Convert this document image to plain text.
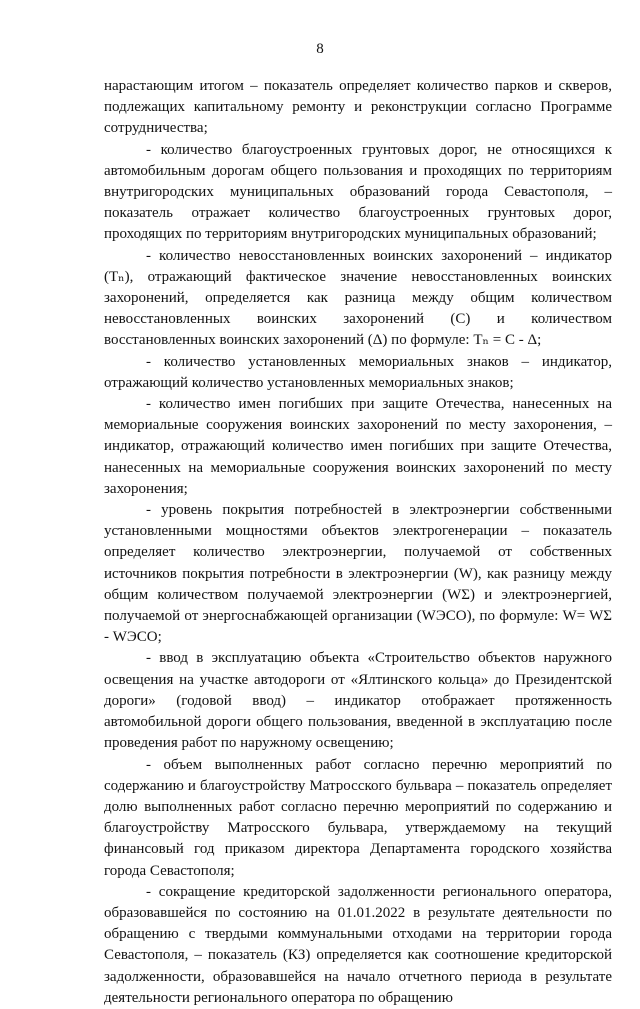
8

нарастающим итогом – показатель определяет количество парков и скверов, подлежащих капитальному ремонту и реконструкции согласно Программе сотрудничества;

- количество благоустроенных грунтовых дорог, не относящихся к автомобильным дорогам общего пользования и проходящих по территориям внутригородских муниципальных образований города Севастополя, – показатель отражает количество благоустроенных грунтовых дорог, проходящих по территориям внутригородских муниципальных образований;

- количество невосстановленных воинских захоронений – индикатор (Тₙ), отражающий фактическое значение невосстановленных воинских захоронений, определяется как разница между общим количеством невосстановленных воинских захоронений (С) и количеством восстановленных воинских захоронений (Δ) по формуле: Тₙ = С - Δ;

- количество установленных мемориальных знаков – индикатор, отражающий количество установленных мемориальных знаков;

- количество имен погибших при защите Отечества, нанесенных на мемориальные сооружения воинских захоронений по месту захоронения, – индикатор, отражающий количество имен погибших при защите Отечества, нанесенных на мемориальные сооружения воинских захоронений по месту захоронения;

- уровень покрытия потребностей в электроэнергии собственными установленными мощностями объектов электрогенерации – показатель определяет количество электроэнергии, получаемой от собственных источников покрытия потребности в электроэнергии (W), как разницу между общим количеством получаемой электроэнергии (WΣ) и электроэнергией, получаемой от энергоснабжающей организации (WЭСО), по формуле: W= WΣ - WЭСО;

- ввод в эксплуатацию объекта «Строительство объектов наружного освещения на участке автодороги от «Ялтинского кольца» до Президентской дороги» (годовой ввод) – индикатор отображает протяженность автомобильной дороги общего пользования, введенной в эксплуатацию после проведения работ по наружному освещению;

- объем выполненных работ согласно перечню мероприятий по содержанию и благоустройству Матросского бульвара – показатель определяет долю выполненных работ согласно перечню мероприятий по содержанию и благоустройству Матросского бульвара, утверждаемому на текущий финансовый год приказом директора Департамента городского хозяйства города Севастополя;

- сокращение кредиторской задолженности регионального оператора, образовавшейся по состоянию на 01.01.2022 в результате деятельности по обращению с твердыми коммунальными отходами на территории города Севастополя, – показатель (КЗ) определяется как соотношение кредиторской задолженности, образовавшейся на начало отчетного периода в результате деятельности регионального оператора по обращению
